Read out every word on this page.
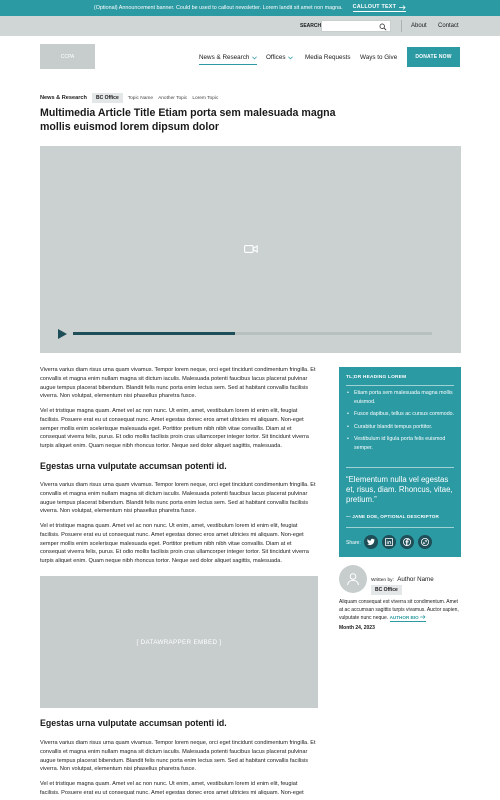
(Optional) Announcement banner. Could be used to callout newsletter. Lorem landit sit amet non magna. CALLOUT TEXT
SEARCH	About Contact
CCPA	News & Research	Offices	Media Requests Ways to Give	DONATE NOW
News & Research	BC Office	Topic Name Another Topic Lorem Topic
Multimedia Article Title Etiam porta sem malesuada magna mollis euismod lorem dipsum dolor

Viverra varius diam risus urna quam vivamus. Tempor lorem neque, orci eget tincidunt condimentum fringilla. Et convallis et magna enim nullam magna sit dictum iaculis. Malesuada potenti faucibus lacus placerat pulvinar augue tempus placerat bibendum. Blandit felis nunc porta enim lectus sem. Sed at habitant convallis facilisis viverra. Non volutpat, elementum nisi phasellus pharetra fusce.

Vel et tristique magna quam. Amet vel ac non nunc. Ut enim, amet, vestibulum lorem id enim elit, feugiat facilisis. Posuere erat eu ut consequat nunc. Amet egestas donec eros amet ultricies mi aliquam. Non-eget semper mollis enim scelerisque malesuada eget. Porttitor pretium nibh nibh vitae convallis. Diam at et consequat viverra felis, purus. Et odio mollis facilisis proin cras ullamcorper integer tortor. Sit tincidunt viverra turpis aliquet enim. Quam neque nibh rhoncus tortor. Neque sed dolor aliquet sagittis, malesuada.

Egestas urna vulputate accumsan potenti id.

Viverra varius diam risus urna quam vivamus. Tempor lorem neque, orci eget tincidunt condimentum fringilla. Et convallis et magna enim nullam magna sit dictum iaculis. Malesuada potenti faucibus lacus placerat pulvinar augue tempus placerat bibendum. Blandit felis nunc porta enim lectus sem. Sed at habitant convallis facilisis viverra. Non volutpat, elementum nisi phasellus pharetra fusce.

Vel et tristique magna quam. Amet vel ac non nunc. Ut enim, amet, vestibulum lorem id enim elit, feugiat facilisis. Posuere erat eu ut consequat nunc. Amet egestas donec eros amet ultricies mi aliquam. Non-eget semper mollis enim scelerisque malesuada eget. Porttitor pretium nibh nibh vitae convallis. Diam at et consequat viverra felis, purus. Et odio mollis facilisis proin cras ullamcorper integer tortor. Sit tincidunt viverra turpis aliquet enim. Quam neque nibh rhoncus tortor. Neque sed dolor aliquet sagittis, malesuada.

[ DATAWRAPPER EMBED ]
Egestas urna vulputate accumsan potenti id.

Viverra varius diam risus urna quam vivamus. Tempor lorem neque, orci eget tincidunt condimentum fringilla. Et convallis et magna enim nullam magna sit dictum iaculis. Malesuada potenti faucibus lacus placerat pulvinar augue tempus placerat bibendum. Blandit felis nunc porta enim lectus sem. Sed at habitant convallis facilisis viverra. Non volutpat, elementum nisi phasellus pharetra fusce.

Vel et tristique magna quam. Amet vel ac non nunc. Ut enim, amet, vestibulum lorem id enim elit, feugiat facilisis. Posuere erat eu ut consequat nunc. Amet egestas donec eros amet ultricies mi aliquam. Non-eget

TL;DR HEADING LOREM
• Etiam porta sem malesuada magna mollis euismod.
• Fusce dapibus, tellus ac cursus commodo.
• Curabitur blandit tempus porttitor.
• Vestibulum id ligula porta felis euismod semper.
“Elementum nulla vel egestas et, risus, diam. Rhoncus, vitae, pretium.”
— JANE DOE, OPTIONAL DESCRIPTOR
Share:
Written by: Author Name
BC Office
Aliquam consequat est viverra sit condimentum. Amet at ac accumsan sagittis turpis vivamus. Auctor sapien, vulputate nunc neque. AUTHOR BIO
Month 24, 2023
